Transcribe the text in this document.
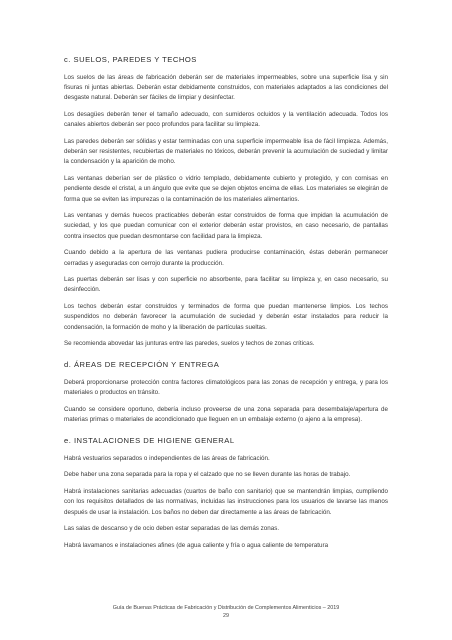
c. SUELOS, PAREDES Y TECHOS

Los suelos de las áreas de fabricación deberán ser de materiales impermeables, sobre una superficie lisa y sin fisuras ni juntas abiertas. Deberán estar debidamente construidos, con materiales adaptados a las condiciones del desgaste natural. Deberán ser fáciles de limpiar y desinfectar.

Los desagües deberán tener el tamaño adecuado, con sumideros ocluidos y la ventilación adecuada. Todos los canales abiertos deberán ser poco profundos para facilitar su limpieza.

Las paredes deberán ser sólidas y estar terminadas con una superficie impermeable lisa de fácil limpieza. Además, deberán ser resistentes, recubiertas de materiales no tóxicos, deberán prevenir la acumulación de suciedad y limitar la condensación y la aparición de moho.

Las ventanas deberían ser de plástico o vidrio templado, debidamente cubierto y protegido, y con cornisas en pendiente desde el cristal, a un ángulo que evite que se dejen objetos encima de ellas. Los materiales se elegirán de forma que se eviten las impurezas o la contaminación de los materiales alimentarios.

Las ventanas y demás huecos practicables deberán estar construidos de forma que impidan la acumulación de suciedad, y los que puedan comunicar con el exterior deberán estar provistos, en caso necesario, de pantallas contra insectos que puedan desmontarse con facilidad para la limpieza.

Cuando debido a la apertura de las ventanas pudiera producirse contaminación, éstas deberán permanecer cerradas y aseguradas con cerrojo durante la producción.

Las puertas deberán ser lisas y con superficie no absorbente, para facilitar su limpieza y, en caso necesario, su desinfección.

Los techos deberán estar construidos y terminados de forma que puedan mantenerse limpios. Los techos suspendidos no deberán favorecer la acumulación de suciedad y deberán estar instalados para reducir la condensación, la formación de moho y la liberación de partículas sueltas.

Se recomienda abovedar las junturas entre las paredes, suelos y techos de zonas críticas.

d. ÁREAS DE RECEPCIÓN Y ENTREGA

Deberá proporcionarse protección contra factores climatológicos para las zonas de recepción y entrega, y para los materiales o productos en tránsito.

Cuando se considere oportuno, debería incluso proveerse de una zona separada para desembalaje/apertura de materias primas o materiales de acondicionado que lleguen en un embalaje externo (o ajeno a la empresa).

e. INSTALACIONES DE HIGIENE GENERAL

Habrá vestuarios separados o independientes de las áreas de fabricación.

Debe haber una zona separada para la ropa y el calzado que no se lleven durante las horas de trabajo.

Habrá instalaciones sanitarias adecuadas (cuartos de baño con sanitario) que se mantendrán limpias, cumpliendo con los requisitos detallados de las normativas, incluidas las instrucciones para los usuarios de lavarse las manos después de usar la instalación. Los baños no deben dar directamente a las áreas de fabricación.

Las salas de descanso y de ocio deben estar separadas de las demás zonas.

Habrá lavamanos e instalaciones afines (de agua caliente y fría o agua caliente de temperatura

Guía de Buenas Prácticas de Fabricación y Distribución de Complementos Alimenticios – 2019
29
